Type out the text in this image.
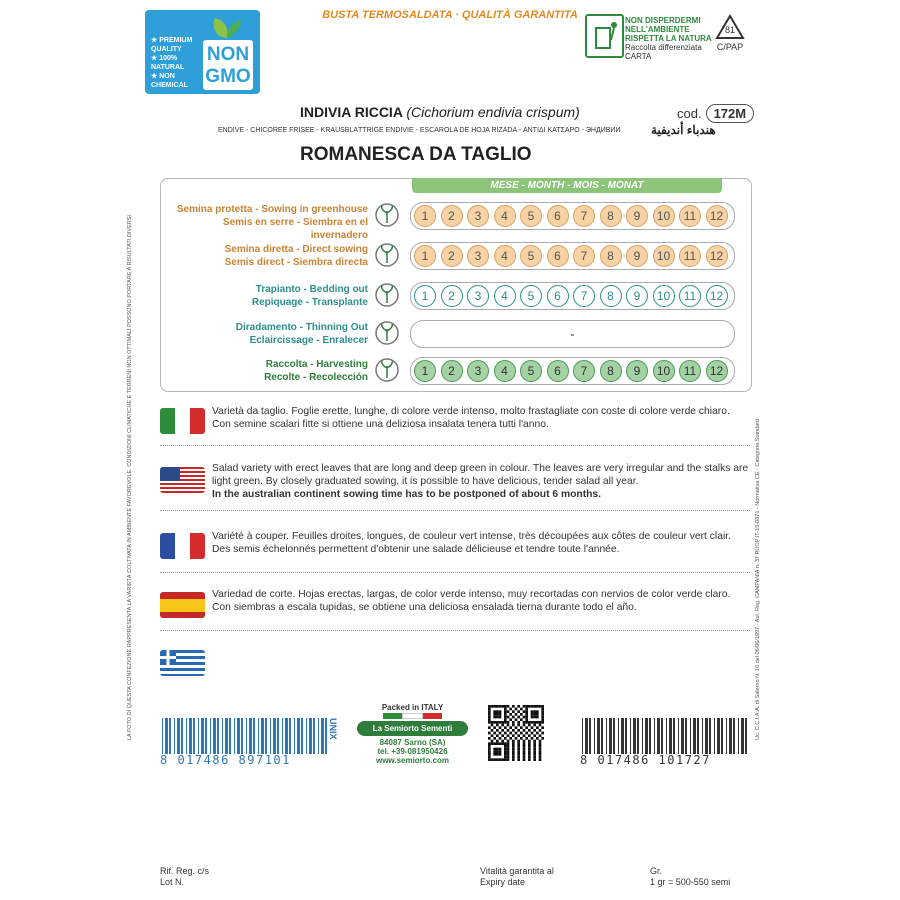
LA FOTO DI QUESTA CONFEZIONE RAPPRESENTA LA VARIETÀ COLTIVATA IN AMBIENTE FAVOREVOLE. CONDIZIONI CLIMATICHE E TERRENI NON OTTIMALI POSSONO PORTARE A RISULTATI DIVERSI.	Uc. C.C.I.A.A. di Salerno N. 10 del 06/06/1997 - Aut. Reg. CAMPANIA n. 37 RUOP IT-15-0871 - Normativa CE - Categoria Standard
★ PREMIUM QUALITY
★ 100% NATURAL
★ NON CHEMICAL
NON
GMO
BUSTA TERMOSALDATA · QUALITÀ GARANTITA	NON DISPERDERMI
NELL'AMBIENTE
RISPETTA LA NATURA
Raccolta differenziata CARTA
81
C/PAP
cod. 172M
INDIVIA RICCIA (Cichorium endivia crispum)
ENDIVE - CHICORÉE FRISÉE - KRAUSBLÄTTRIGE ENDIVIE - ESCAROLA DE HOJA RIZADA - ΑΝΤΙΔΙ ΚΑΤΣΑΡΟ - ЭНДИВИЙ	هندباء أنديفية
ROMANESCA DA TAGLIO
MESE - MONTH - MOIS - MONAT
Semina protetta - Sowing in greenhouse
Semis en serre - Siembra en el invernadero
1	2	3	4	5	6	7	8	9	10	11	12
Semina diretta - Direct sowing
Semis direct - Siembra directa	1	2	3	4	5	6	7	8	9	10	11	12
Trapianto - Bedding out
Repiquage - Transplante	1	2	3	4	5	6	7	8	9	10	11	12
Diradamento - Thinning Out
Eclaircissage - Enralecer	-
Raccolta - Harvesting
Recolte - Recolección	1	2	3	4	5	6	7	8	9	10	11	12
Varietà da taglio. Foglie erette, lunghe, di colore verde intenso, molto frastagliate con coste di colore verde chiaro. Con semine scalari fitte si ottiene una deliziosa insalata tenera tutti l'anno.
Salad variety with erect leaves that are long and deep green in colour. The leaves are very irregular and the stalks are light green. By closely graduated sowing, it is possible to have delicious, tender salad all year.
In the australian continent sowing time has to be postponed of about 6 months.
Variété à couper. Feuilles droites, longues, de couleur vert intense, très découpées aux côtes de couleur vert clair. Des semis échelonnés permettent d'obtenir une salade délicieuse et tendre toute l'année.
Variedad de corte. Hojas erectas, largas, de color verde intenso, muy recortadas con nervios de color verde claro. Con siembras a escala tupidas, se obtiene una deliciosa ensalada tierna durante todo el año.
8 017486 897101
UNIX
Packed in ITALY
La Semiorto Sementi
84087 Sarno (SA)
tel. +39-081950426
www.semiorto.com	8 017486 101727
Rif. Reg. c/s
Lot N.
Vitalità garantita al
Expiry date
Gr.
1 gr = 500-550 semi
